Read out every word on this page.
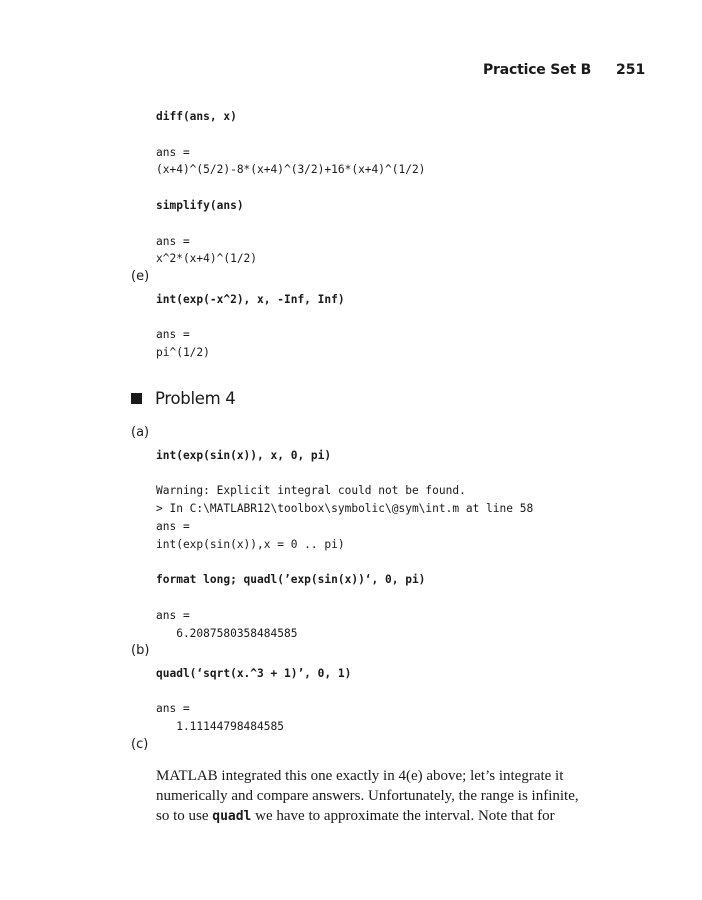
Practice Set B 251
diff(ans, x)
ans =
(x+4)^(5/2)-8*(x+4)^(3/2)+16*(x+4)^(1/2)
simplify(ans)
ans =
x^2*(x+4)^(1/2)
(e)
int(exp(-x^2), x, -Inf, Inf)
ans =
pi^(1/2)
Problem 4
(a)
int(exp(sin(x)), x, 0, pi)
Warning: Explicit integral could not be found.
> In C:\MATLABR12\toolbox\symbolic\@sym\int.m at line 58
ans =
int(exp(sin(x)),x = 0 .. pi)
format long; quadl(’exp(sin(x))‘, 0, pi)
ans =
6.2087580358484585
(b)
quadl(‘sqrt(x.^3 + 1)’, 0, 1)
ans =
1.11144798484585
(c)

MATLAB integrated this one exactly in 4(e) above; let’s integrate it

numerically and compare answers. Unfortunately, the range is infinite,

so to use quadl we have to approximate the interval. Note that for
